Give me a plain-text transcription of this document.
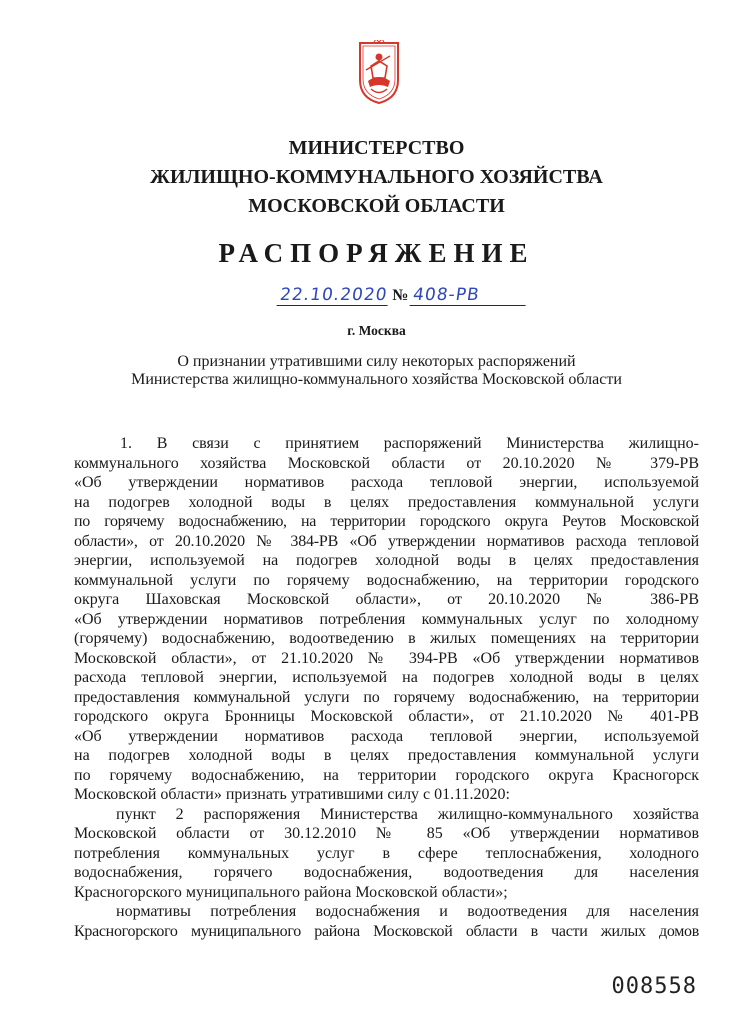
МИНИСТЕРСТВО
ЖИЛИЩНО-КОММУНАЛЬНОГО ХОЗЯЙСТВА
МОСКОВСКОЙ ОБЛАСТИ
РАСПОРЯЖЕНИЕ
22.10.2020 № 408-РВ
г. Москва
О признании утратившими силу некоторых распоряжений
Министерства жилищно-коммунального хозяйства Московской области
1. В связи с принятием распоряжений Министерства жилищно-
коммунального хозяйства Московской области от 20.10.2020 № 379-РВ
«Об утверждении нормативов расхода тепловой энергии, используемой
на подогрев холодной воды в целях предоставления коммунальной услуги
по горячему водоснабжению, на территории городского округа Реутов Московской
области», от 20.10.2020 № 384-РВ «Об утверждении нормативов расхода тепловой
энергии, используемой на подогрев холодной воды в целях предоставления
коммунальной услуги по горячему водоснабжению, на территории городского
округа Шаховская Московской области», от 20.10.2020 № 386-РВ
«Об утверждении нормативов потребления коммунальных услуг по холодному
(горячему) водоснабжению, водоотведению в жилых помещениях на территории
Московской области», от 21.10.2020 № 394-РВ «Об утверждении нормативов
расхода тепловой энергии, используемой на подогрев холодной воды в целях
предоставления коммунальной услуги по горячему водоснабжению, на территории
городского округа Бронницы Московской области», от 21.10.2020 № 401-РВ
«Об утверждении нормативов расхода тепловой энергии, используемой
на подогрев холодной воды в целях предоставления коммунальной услуги
по горячему водоснабжению, на территории городского округа Красногорск
Московской области» признать утратившими силу с 01.11.2020:
пункт 2 распоряжения Министерства жилищно-коммунального хозяйства
Московской области от 30.12.2010 № 85 «Об утверждении нормативов
потребления коммунальных услуг в сфере теплоснабжения, холодного
водоснабжения, горячего водоснабжения, водоотведения для населения
Красногорского муниципального района Московской области»;
нормативы потребления водоснабжения и водоотведения для населения
Красногорского муниципального района Московской области в части жилых домов
008558
